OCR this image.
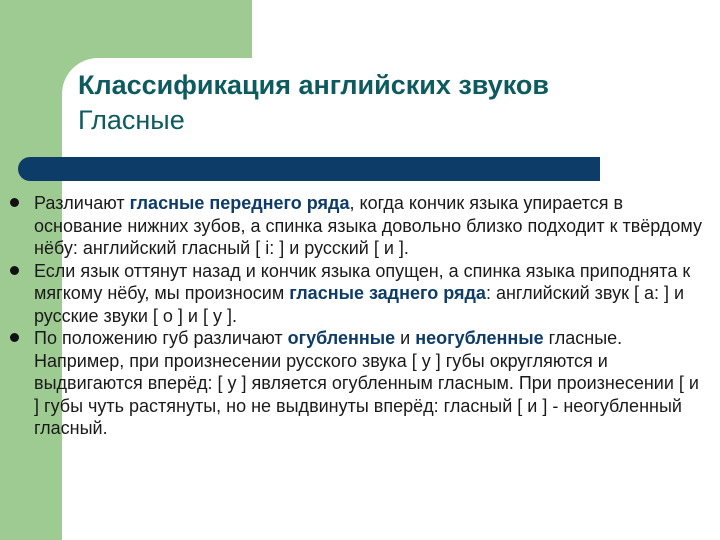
Классификация английских звуков
Гласные
Различают гласные переднего ряда, когда кончик языка упирается в основание нижних зубов, а спинка языка довольно близко подходит к твёрдому нёбу: английский гласный [ i: ] и русский [ и ].
Если язык оттянут назад и кончик языка опущен, а спинка языка приподнята к мягкому нёбу, мы произносим гласные заднего ряда: английский звук [ a: ] и русские звуки [ o ] и [ у ].
По положению губ различают огубленные и неогубленные гласные. Например, при произнесении русского звука [ у ] губы округляются и выдвигаются вперёд: [ у ] является огубленным гласным. При произнесении [ и ] губы чуть растянуты, но не выдвинуты вперёд: гласный [ и ] - неогубленный гласный.
